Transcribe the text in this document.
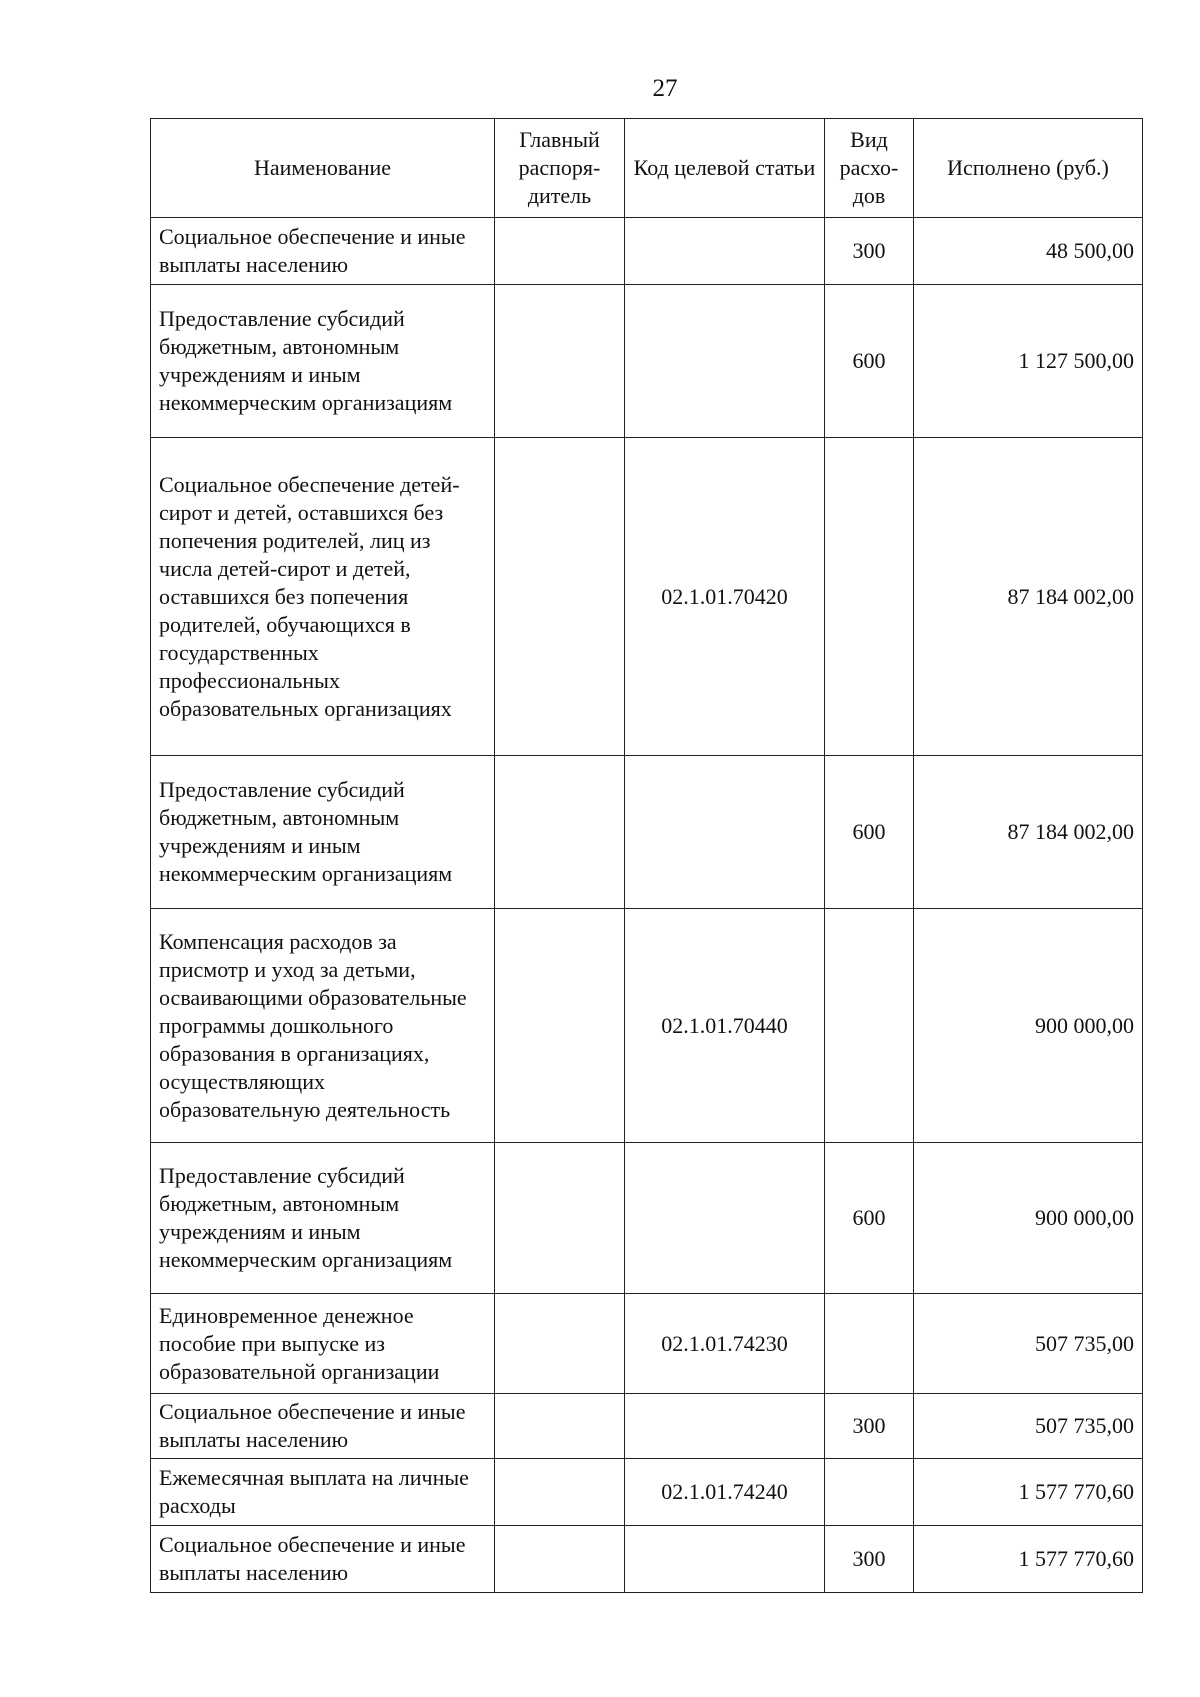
27
Наименование	Главный распоря-дитель	Код целевой статьи	Вид расхо-дов	Исполнено (руб.)
Социальное обеспечение и иные выплаты населению			300	48 500,00
Предоставление субсидий бюджетным, автономным учреждениям и иным некоммерческим организациям			600	1 127 500,00
Социальное обеспечение детей-сирот и детей, оставшихся без попечения родителей, лиц из числа детей-сирот и детей, оставшихся без попечения родителей, обучающихся в государственных профессиональных образовательных организациях		02.1.01.70420		87 184 002,00
Предоставление субсидий бюджетным, автономным учреждениям и иным некоммерческим организациям			600	87 184 002,00
Компенсация расходов за присмотр и уход за детьми, осваивающими образовательные программы дошкольного образования в организациях, осуществляющих образовательную деятельность		02.1.01.70440		900 000,00
Предоставление субсидий бюджетным, автономным учреждениям и иным некоммерческим организациям			600	900 000,00
Единовременное денежное пособие при выпуске из образовательной организации		02.1.01.74230		507 735,00
Социальное обеспечение и иные выплаты населению			300	507 735,00
Ежемесячная выплата на личные расходы		02.1.01.74240		1 577 770,60
Социальное обеспечение и иные выплаты населению			300	1 577 770,60
